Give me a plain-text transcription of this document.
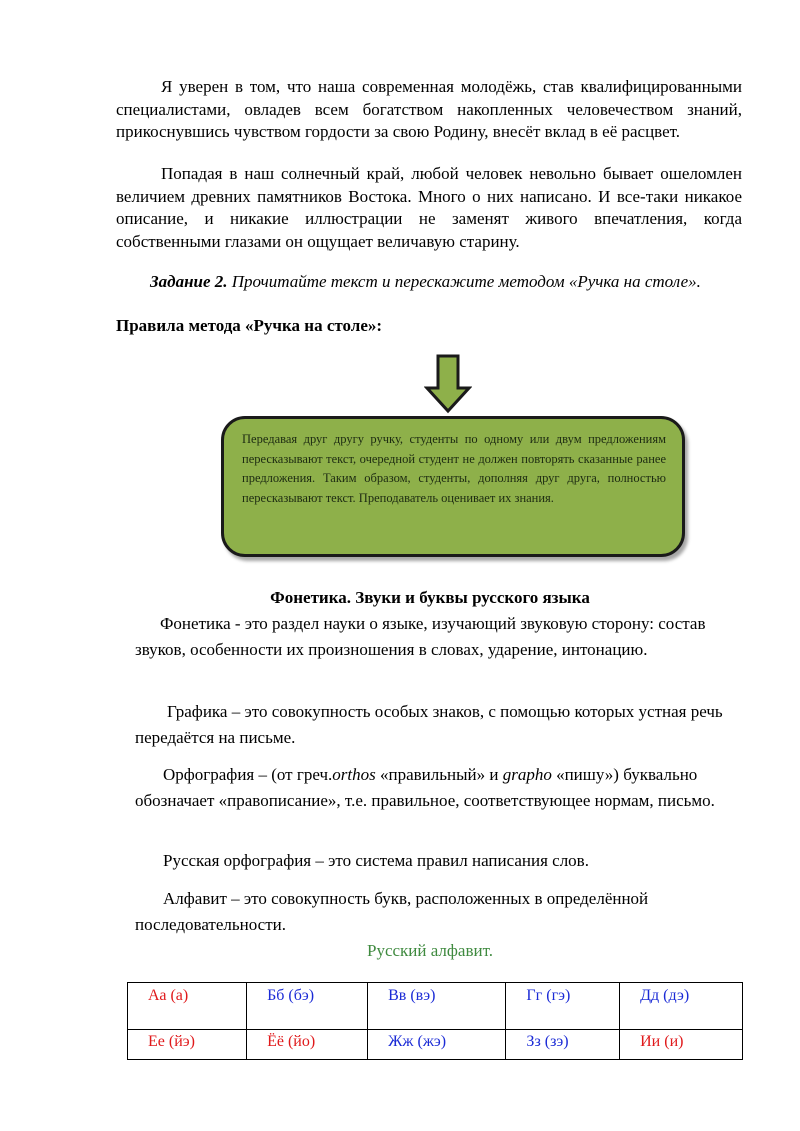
Я уверен в том, что наша современная молодёжь, став квалифицированными специалистами, овладев всем богатством накопленных человечеством знаний, прикоснувшись чувством гордости за свою Родину, внесёт вклад в её расцвет.

Попадая в наш солнечный край, любой человек невольно бывает ошеломлен величием древних памятников Востока. Много о них написано. И все-таки никакое описание, и никакие иллюстрации не заменят живого впечатления, когда собственными глазами он ощущает величавую старину.

Задание 2. Прочитайте текст и перескажите методом «Ручка на столе».

Правила метода «Ручка на столе»:

Передавая друг другу ручку, студенты по одному или двум предложениям пересказывают текст, очередной студент не должен повторять сказанные ранее предложения. Таким образом, студенты, дополняя друг друга, полностью пересказывают текст. Преподаватель оценивает их знания.

Фонетика. Звуки и буквы русского языка

Фонетика - это раздел науки о языке, изучающий звуковую сторону: состав звуков, особенности их произношения в словах, ударение, интонацию.

Графика – это совокупность особых знаков, с помощью которых устная речь передаётся на письме.

Орфография – (от греч.orthos «правильный» и grapho «пишу») буквально обозначает «правописание», т.е. правильное, соответствующее нормам, письмо.

Русская орфография – это система правил написания слов.

Алфавит – это совокупность букв, расположенных в определённой последовательности.

Русский алфавит.

Аа (а)	Бб (бэ)	Вв (вэ)	Гг (гэ)	Дд (дэ)
Ее (йэ)	Ёё (йо)	Жж (жэ)	Зз (зэ)	Ии (и)
